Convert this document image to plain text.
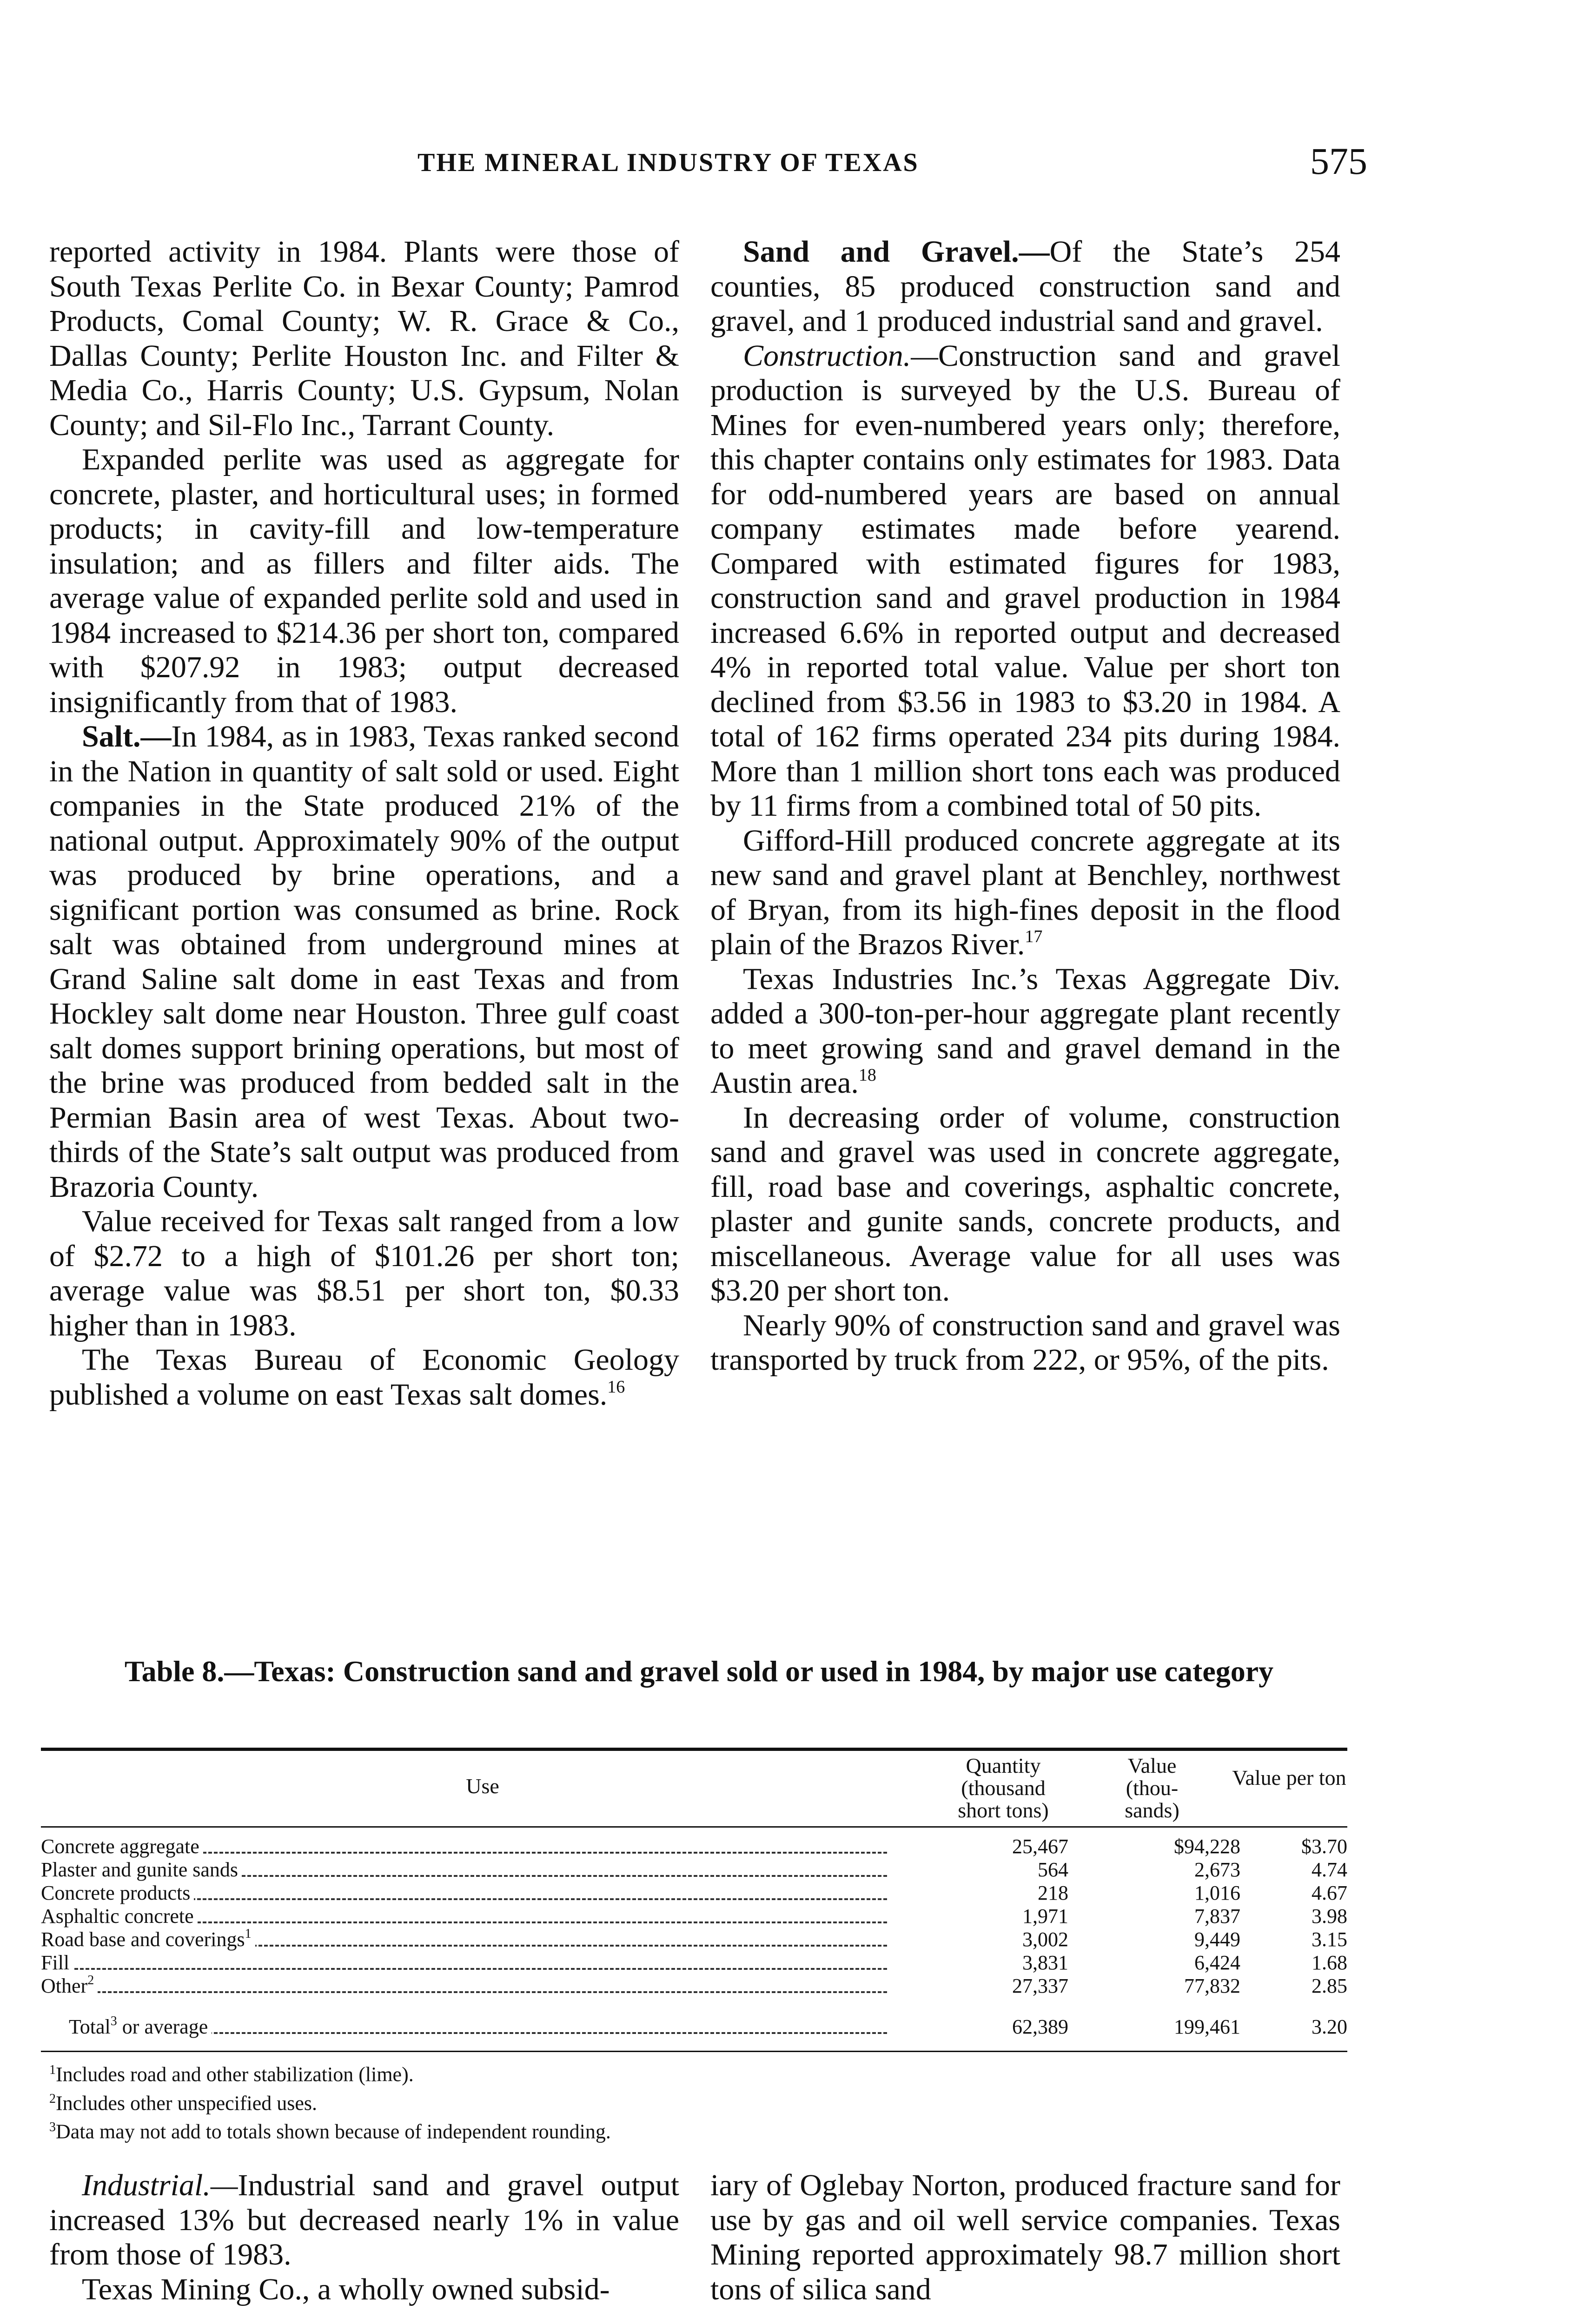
THE MINERAL INDUSTRY OF TEXAS	575

reported activity in 1984. Plants were those of South Texas Perlite Co. in Bexar County; Pamrod Products, Comal County; W. R. Grace & Co., Dallas County; Perlite Houston Inc. and Filter & Media Co., Harris County; U.S. Gypsum, Nolan County; and Sil-Flo Inc., Tarrant County.

Expanded perlite was used as aggregate for concrete, plaster, and horticultural uses; in formed products; in cavity-fill and low-temperature insulation; and as fillers and filter aids. The average value of expanded perlite sold and used in 1984 increased to $214.36 per short ton, compared with $207.92 in 1983; output decreased insignificantly from that of 1983.

Salt.—In 1984, as in 1983, Texas ranked second in the Nation in quantity of salt sold or used. Eight companies in the State produced 21% of the national output. Approximately 90% of the output was produced by brine operations, and a significant portion was consumed as brine. Rock salt was obtained from underground mines at Grand Saline salt dome in east Texas and from Hockley salt dome near Houston. Three gulf coast salt domes support brining operations, but most of the brine was produced from bedded salt in the Permian Basin area of west Texas. About two-thirds of the State’s salt output was produced from Brazoria County.

Value received for Texas salt ranged from a low of $2.72 to a high of $101.26 per short ton; average value was $8.51 per short ton, $0.33 higher than in 1983.

The Texas Bureau of Economic Geology published a volume on east Texas salt domes.$^{16}$

Sand and Gravel.—Of the State’s 254 counties, 85 produced construction sand and gravel, and 1 produced industrial sand and gravel.

Construction.—Construction sand and gravel production is surveyed by the U.S. Bureau of Mines for even-numbered years only; therefore, this chapter contains only estimates for 1983. Data for odd-numbered years are based on annual company estimates made before yearend. Compared with estimated figures for 1983, construction sand and gravel production in 1984 increased 6.6% in reported output and decreased 4% in reported total value. Value per short ton declined from $3.56 in 1983 to $3.20 in 1984. A total of 162 firms operated 234 pits during 1984. More than 1 million short tons each was produced by 11 firms from a combined total of 50 pits.

Gifford-Hill produced concrete aggregate at its new sand and gravel plant at Benchley, northwest of Bryan, from its high-fines deposit in the flood plain of the Brazos River.$^{17}$

Texas Industries Inc.’s Texas Aggregate Div. added a 300-ton-per-hour aggregate plant recently to meet growing sand and gravel demand in the Austin area.$^{18}$

In decreasing order of volume, construction sand and gravel was used in concrete aggregate, fill, road base and coverings, asphaltic concrete, plaster and gunite sands, concrete products, and miscellaneous. Average value for all uses was $3.20 per short ton.

Nearly 90% of construction sand and gravel was transported by truck from 222, or 95%, of the pits.

Table 8.—Texas: Construction sand and gravel sold or used in 1984, by major use category
Use
Quantity (thousand short tons)
Value (thou- sands)
Value per ton
Concrete aggregate	25,467	$94,228	$3.70
Plaster and gunite sands	564	2,673	4.74
Concrete products	218	1,016	4.67
Asphaltic concrete	1,971	7,837	3.98
Road base and coverings$^1$	3,002	9,449	3.15
Fill	3,831	6,424	1.68
Other$^2$	27,337	77,832	2.85
Total$^3$ or average	62,389	199,461	3.20

$^1$Includes road and other stabilization (lime).

$^2$Includes other unspecified uses.

$^3$Data may not add to totals shown because of independent rounding.

Industrial.—Industrial sand and gravel output increased 13% but decreased nearly 1% in value from those of 1983.

Texas Mining Co., a wholly owned subsid-

iary of Oglebay Norton, produced fracture sand for use by gas and oil well service companies. Texas Mining reported approximately 98.7 million short tons of silica sand
